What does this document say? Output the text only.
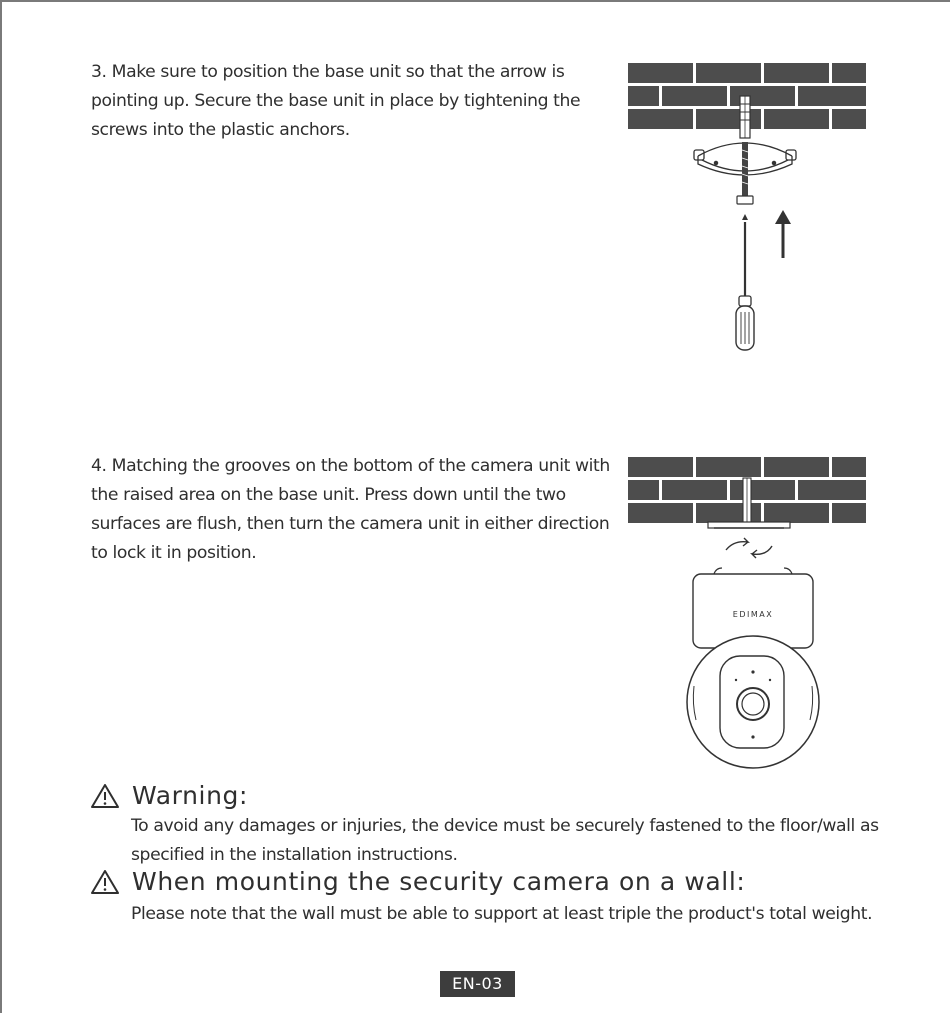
3. Make sure to position the base unit so that the arrow is pointing up. Secure the base unit in place by tightening the screws into the plastic anchors.
4. Matching the grooves on the bottom of the camera unit with the raised area on the base unit. Press down until the two surfaces are flush, then turn the camera unit in either direction to lock it in position.
EDIMAX
Warning:
To avoid any damages or injuries, the device must be securely fastened to the floor/wall as specified in the installation instructions.
When mounting the security camera on a wall:
Please note that the wall must be able to support at least triple the product's total weight.
EN-03
